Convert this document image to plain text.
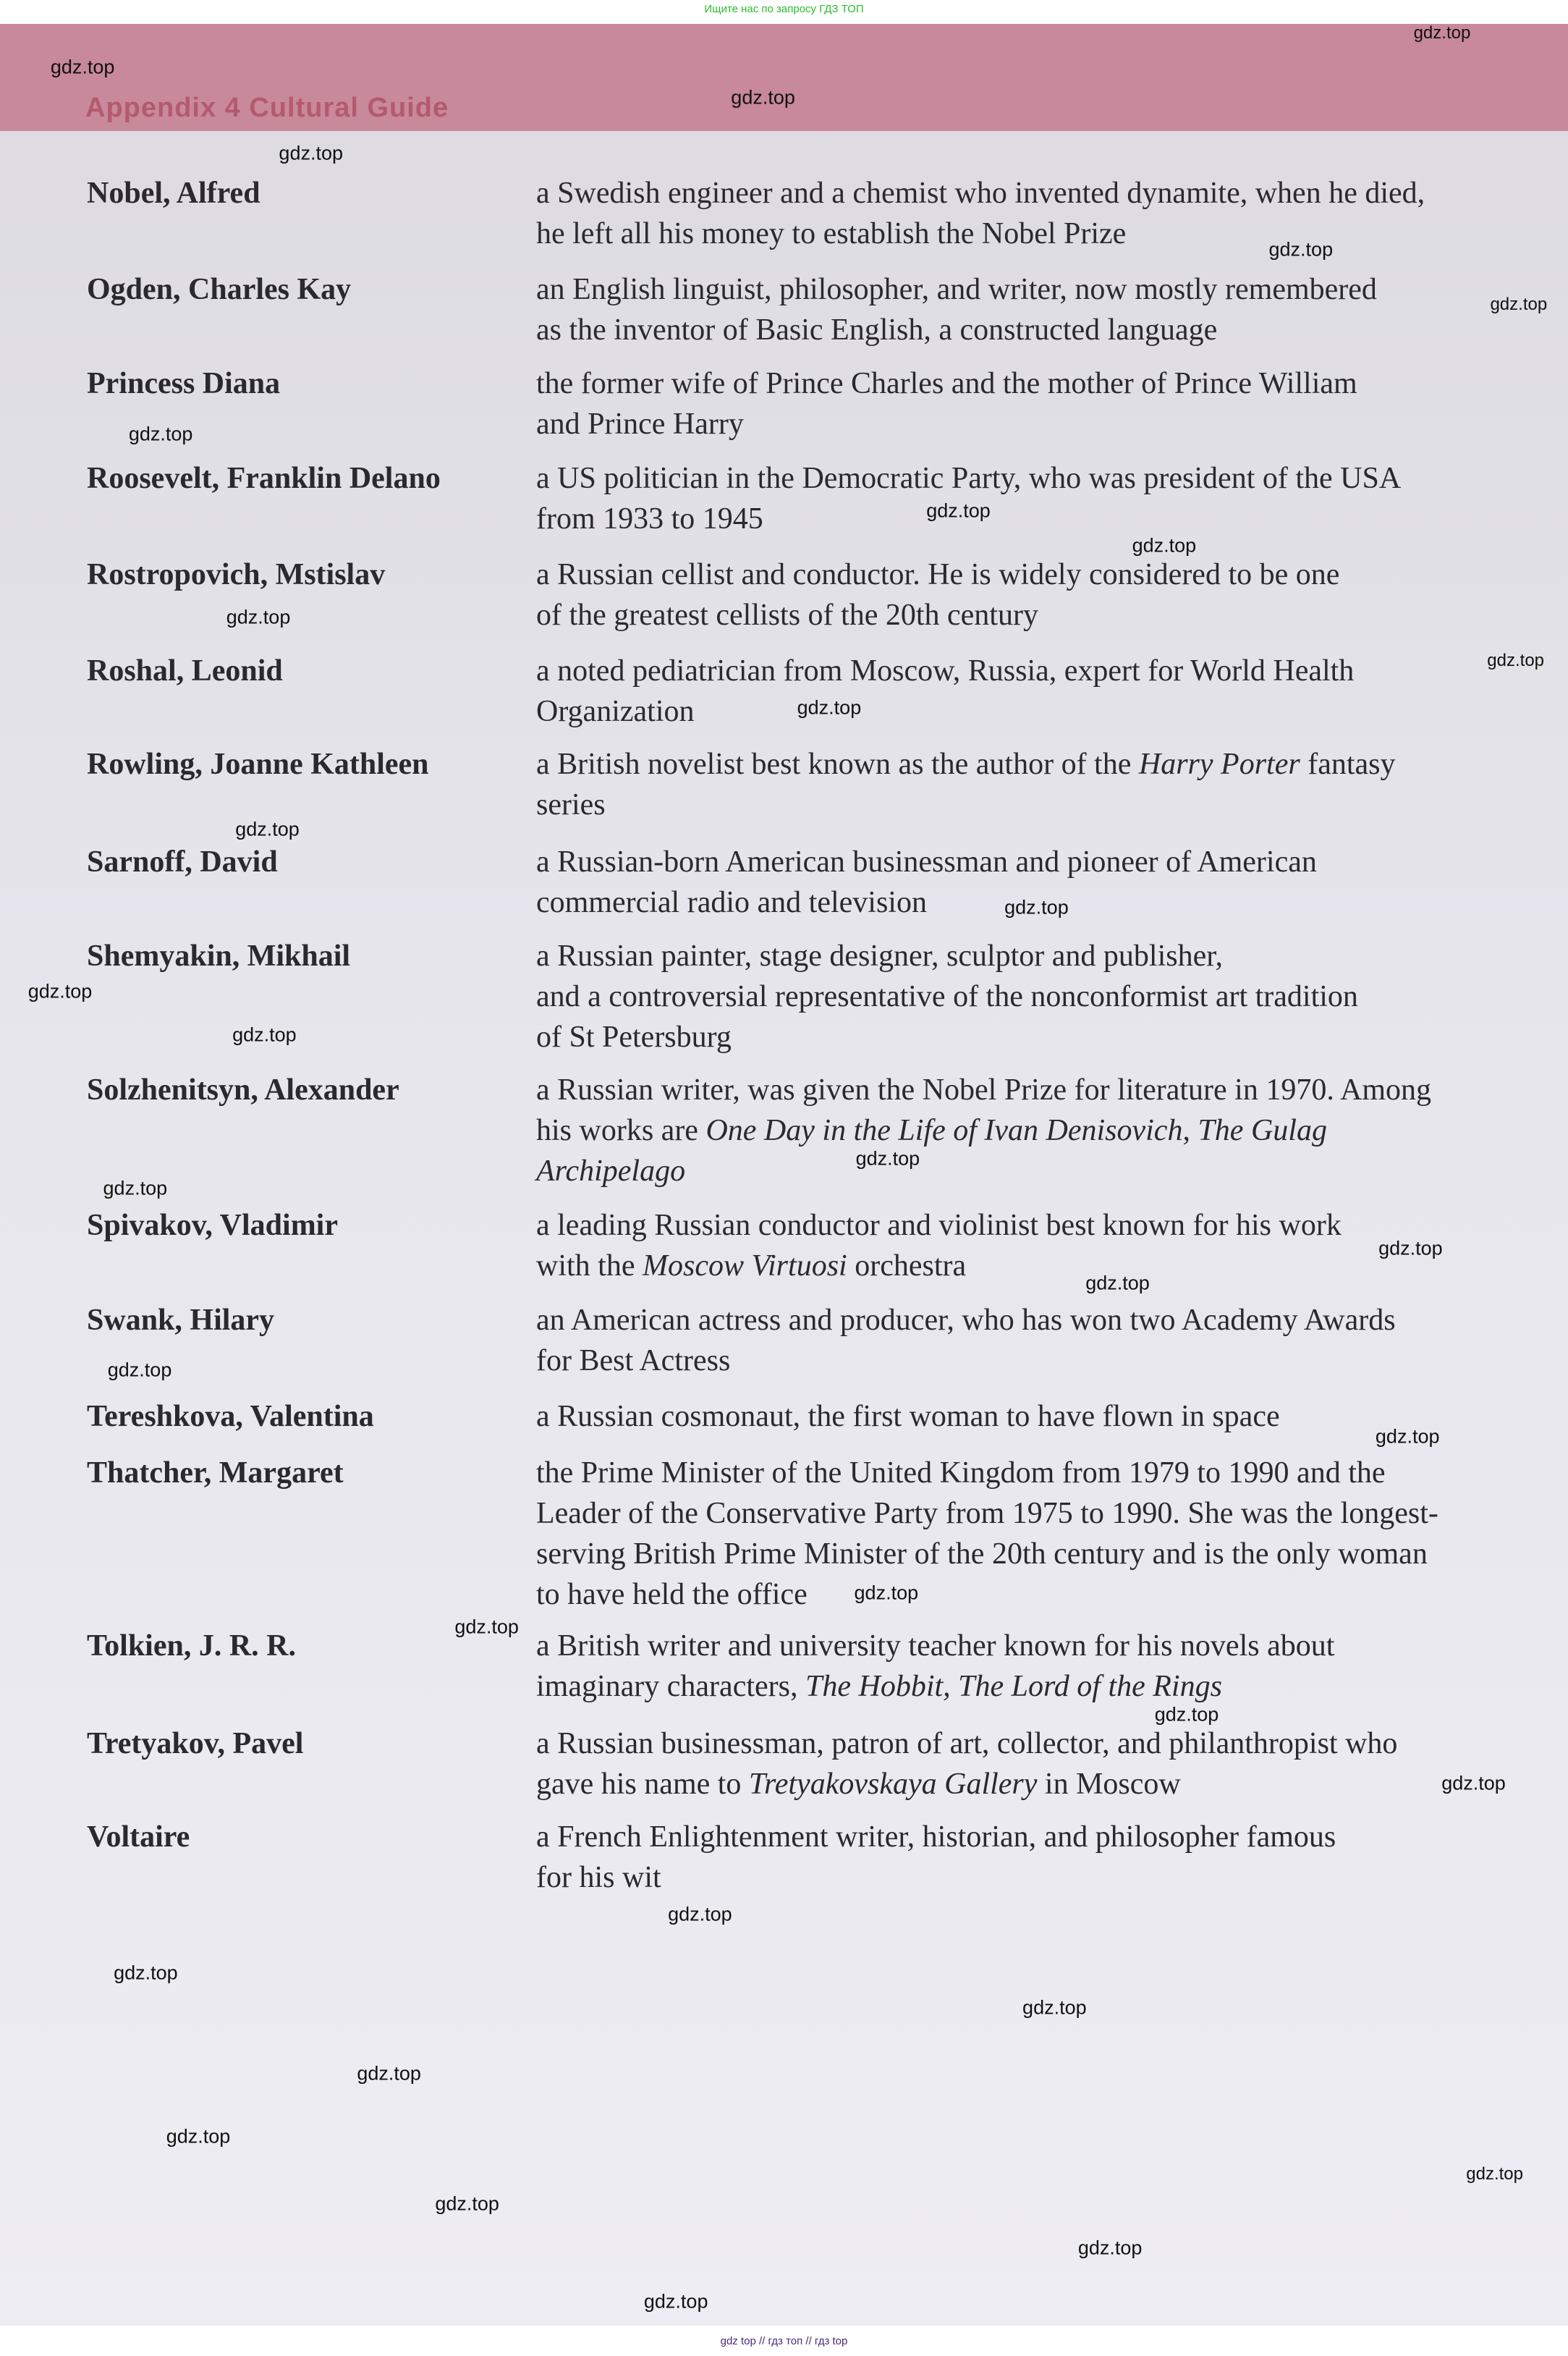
Ищите нас по запросу ГДЗ ТОП
Appendix 4 Cultural Guide
Nobel, Alfred	a Swedish engineer and a chemist who invented dynamite, when he died,
he left all his money to establish the Nobel Prize
Ogden, Charles Kay	an English linguist, philosopher, and writer, now mostly remembered
as the inventor of Basic English, a constructed language
Princess Diana	the former wife of Prince Charles and the mother of Prince William
and Prince Harry
Roosevelt, Franklin Delano	a US politician in the Democratic Party, who was president of the USA
from 1933 to 1945
Rostropovich, Mstislav	a Russian cellist and conductor. He is widely considered to be one
of the greatest cellists of the 20th century
Roshal, Leonid	a noted pediatrician from Moscow, Russia, expert for World Health
Organization
Rowling, Joanne Kathleen	a British novelist best known as the author of the Harry Porter fantasy
series
Sarnoff, David	a Russian-born American businessman and pioneer of American
commercial radio and television
Shemyakin, Mikhail	a Russian painter, stage designer, sculptor and publisher,
and a controversial representative of the nonconformist art tradition
of St Petersburg
Solzhenitsyn, Alexander	a Russian writer, was given the Nobel Prize for literature in 1970. Among
his works are One Day in the Life of Ivan Denisovich, The Gulag
Archipelago
Spivakov, Vladimir	a leading Russian conductor and violinist best known for his work
with the Moscow Virtuosi orchestra
Swank, Hilary	an American actress and producer, who has won two Academy Awards
for Best Actress
Tereshkova, Valentina	a Russian cosmonaut, the first woman to have flown in space
Thatcher, Margaret	the Prime Minister of the United Kingdom from 1979 to 1990 and the
Leader of the Conservative Party from 1975 to 1990. She was the longest-
serving British Prime Minister of the 20th century and is the only woman
to have held the office
Tolkien, J. R. R.	a British writer and university teacher known for his novels about
imaginary characters, The Hobbit, The Lord of the Rings
Tretyakov, Pavel	a Russian businessman, patron of art, collector, and philanthropist who
gave his name to Tretyakovskaya Gallery in Moscow
Voltaire	a French Enlightenment writer, historian, and philosopher famous
for his wit
gdz.top
gdz.top
gdz.top
gdz.top
gdz.top
gdz.top
gdz.top
gdz.top
gdz.top
gdz.top
gdz.top
gdz.top
gdz.top
gdz.top
gdz.top
gdz.top
gdz.top
gdz.top
gdz.top
gdz.top
gdz.top
gdz.top
gdz.top
gdz.top
gdz.top
gdz.top
gdz.top
gdz.top
gdz.top
gdz.top
gdz.top
gdz.top
gdz.top
gdz.top
gdz.top
gdz top // гдз топ // гдз top
